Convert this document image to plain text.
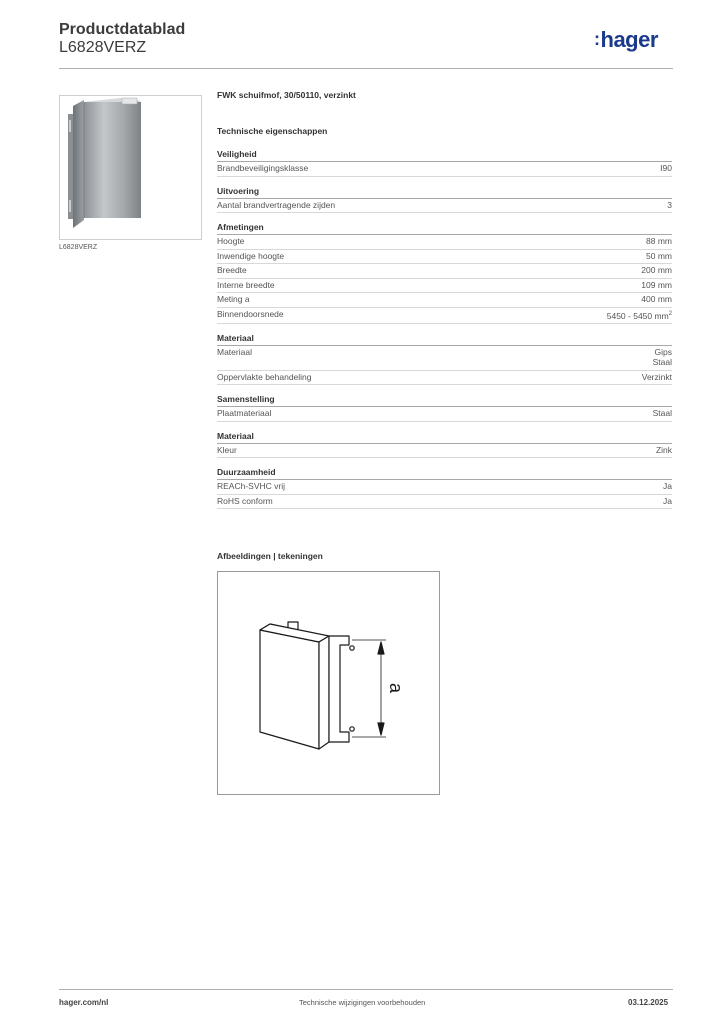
Productdatablad
L6828VERZ	:hager
L6828VERZ
FWK schuifmof, 30/50110, verzinkt
Technische eigenschappen
Veiligheid
Brandbeveiligingsklasse	I90
Uitvoering
Aantal brandvertragende zijden	3
Afmetingen
Hoogte	88 mm
Inwendige hoogte	50 mm
Breedte	200 mm
Interne breedte	109 mm
Meting a	400 mm
Binnendoorsnede	5450 - 5450 $mm^2$
Materiaal
Materiaal	Gips
Staal
Oppervlakte behandeling	Verzinkt
Samenstelling
Plaatmateriaal	Staal
Materiaal
Kleur	Zink
Duurzaamheid
REACh-SVHC vrij	Ja
RoHS conform	Ja
Afbeeldingen | tekeningen
a
hager.com/nl	Technische wijzigingen voorbehouden	03.12.2025
